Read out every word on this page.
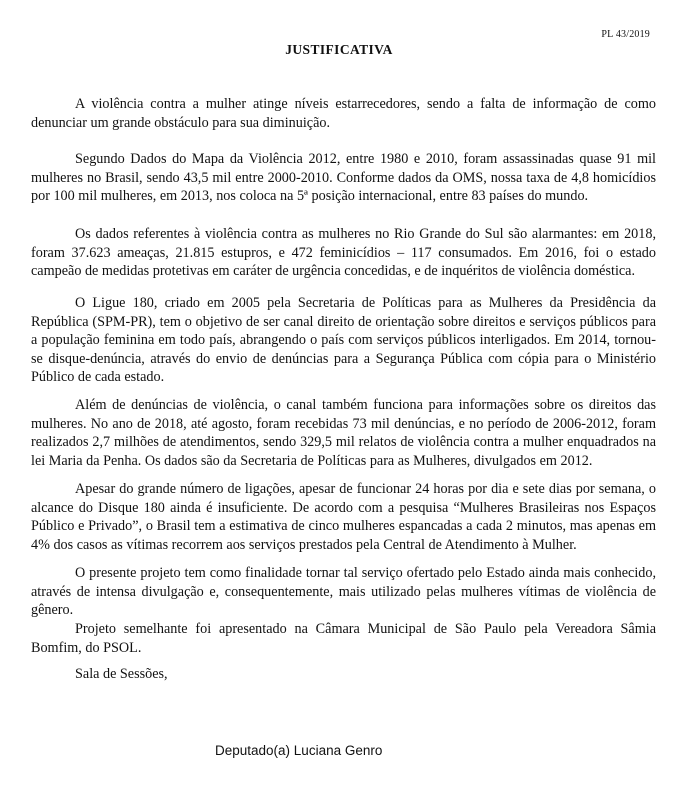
PL 43/2019
JUSTIFICATIVA

A violência contra a mulher atinge níveis estarrecedores, sendo a falta de informação de como denunciar um grande obstáculo para sua diminuição.

Segundo Dados do Mapa da Violência 2012, entre 1980 e 2010, foram assassinadas quase 91 mil mulheres no Brasil, sendo 43,5 mil entre 2000-2010. Conforme dados da OMS, nossa taxa de 4,8 homicídios por 100 mil mulheres, em 2013, nos coloca na 5ª posição internacional, entre 83 países do mundo.

Os dados referentes à violência contra as mulheres no Rio Grande do Sul são alarmantes: em 2018, foram 37.623 ameaças, 21.815 estupros, e 472 feminicídios – 117 consumados. Em 2016, foi o estado campeão de medidas protetivas em caráter de urgência concedidas, e de inquéritos de violência doméstica.

O Ligue 180, criado em 2005 pela Secretaria de Políticas para as Mulheres da Presidência da República (SPM-PR), tem o objetivo de ser canal direito de orientação sobre direitos e serviços públicos para a população feminina em todo país, abrangendo o país com serviços públicos interligados. Em 2014, tornou-se disque-denúncia, através do envio de denúncias para a Segurança Pública com cópia para o Ministério Público de cada estado.

Além de denúncias de violência, o canal também funciona para informações sobre os direitos das mulheres. No ano de 2018, até agosto, foram recebidas 73 mil denúncias, e no período de 2006-2012, foram realizados 2,7 milhões de atendimentos, sendo 329,5 mil relatos de violência contra a mulher enquadrados na lei Maria da Penha. Os dados são da Secretaria de Políticas para as Mulheres, divulgados em 2012.

Apesar do grande número de ligações, apesar de funcionar 24 horas por dia e sete dias por semana, o alcance do Disque 180 ainda é insuficiente. De acordo com a pesquisa “Mulheres Brasileiras nos Espaços Público e Privado”, o Brasil tem a estimativa de cinco mulheres espancadas a cada 2 minutos, mas apenas em 4% dos casos as vítimas recorrem aos serviços prestados pela Central de Atendimento à Mulher.

O presente projeto tem como finalidade tornar tal serviço ofertado pelo Estado ainda mais conhecido, através de intensa divulgação e, consequentemente, mais utilizado pelas mulheres vítimas de violência de gênero.

Projeto semelhante foi apresentado na Câmara Municipal de São Paulo pela Vereadora Sâmia Bomfim, do PSOL.

Sala de Sessões,

Deputado(a) Luciana Genro
